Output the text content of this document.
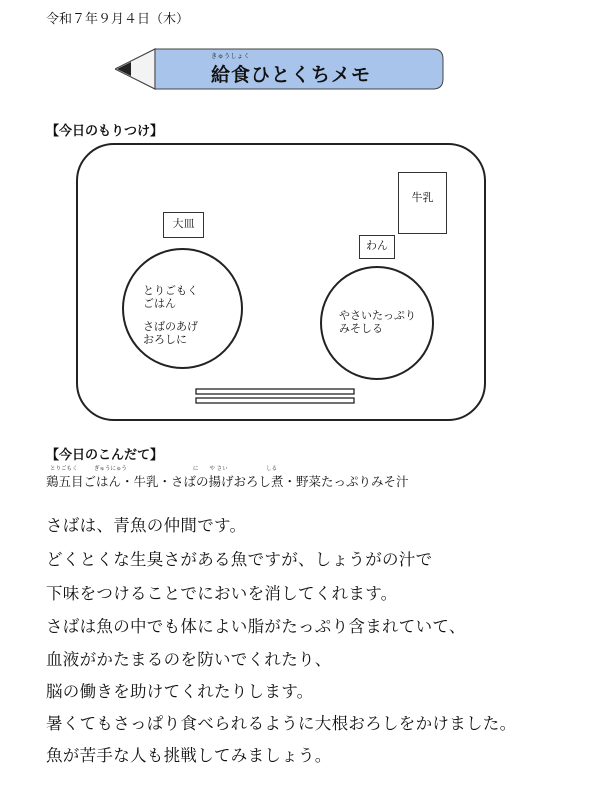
令和７年９月４日（木）
きゅうしょく
給食ひとくちメモ
【今日のもりつけ】
大皿
牛乳
わん
とりごもく
ごはん
さばのあげ
おろしに
やさいたっぷり
みそしる
【今日のこんだて】
とりごもく　　　ぎゅうにゅう　　　　　　　　　　　　に　　や さい　　　　　　　しる
鶏五目ごはん・牛乳・さばの揚げおろし煮・野菜たっぷりみそ汁
さばは、青魚の仲間です。
どくとくな生臭さがある魚ですが、しょうがの汁で
下味をつけることでにおいを消してくれます。
さばは魚の中でも体によい脂がたっぷり含まれていて、
血液がかたまるのを防いでくれたり、
脳の働きを助けてくれたりします。
暑くてもさっぱり食べられるように大根おろしをかけました。
魚が苦手な人も挑戦してみましょう。
